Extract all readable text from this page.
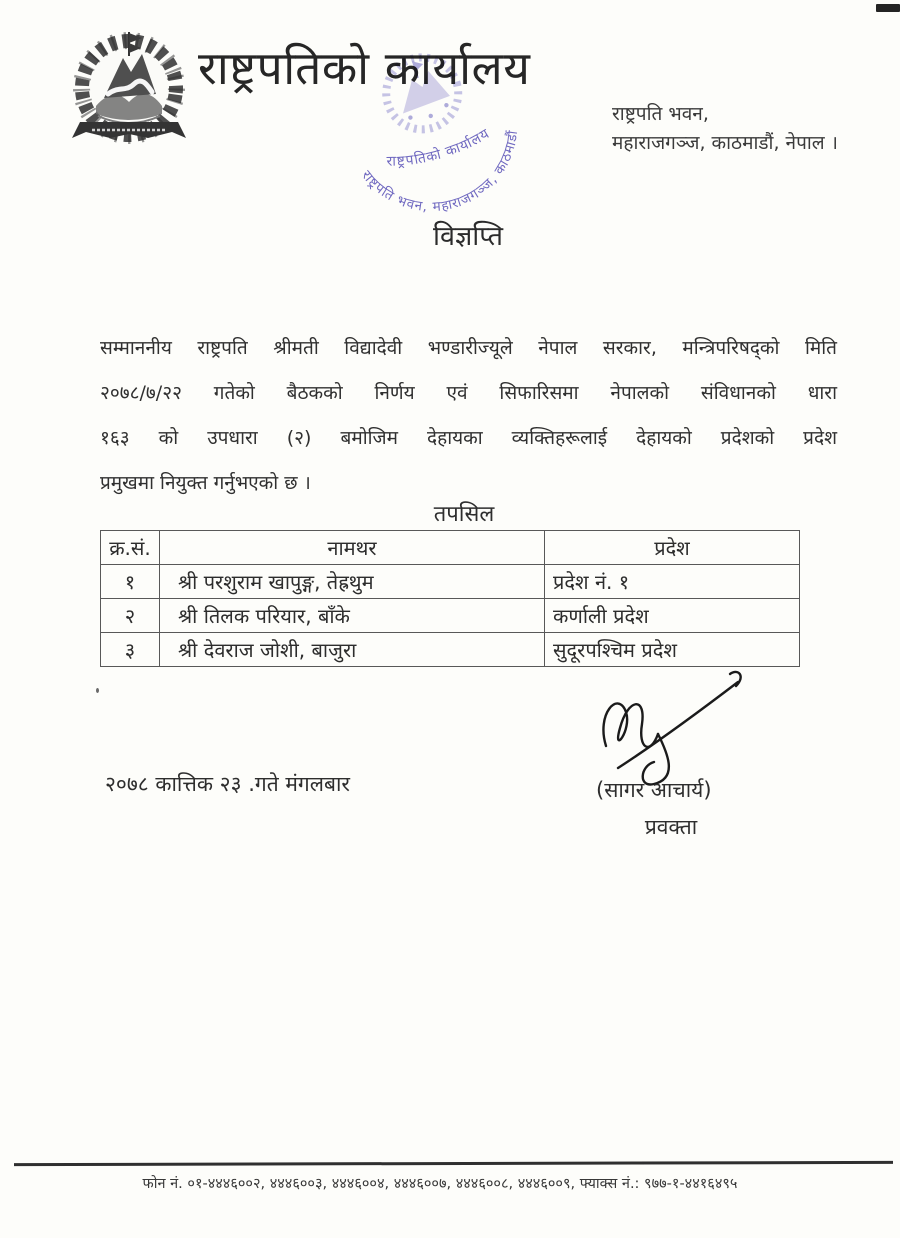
राष्ट्रपतिको कार्यालय
राष्ट्रपतिको कार्यालय
राष्ट्रपति भवन, महाराजगञ्ज, काठमाडौं
राष्ट्रपति भवन,
महाराजगञ्ज, काठमाडौं, नेपाल ।
विज्ञप्ति
सम्माननीय राष्ट्रपति श्रीमती विद्यादेवी भण्डारीज्यूले नेपाल सरकार, मन्त्रिपरिषद्को मिति
२०७८/७/२२ गतेको बैठकको निर्णय एवं सिफारिसमा नेपालको संविधानको धारा
१६३ को उपधारा (२) बमोजिम देहायका व्यक्तिहरूलाई देहायको प्रदेशको प्रदेश
प्रमुखमा नियुक्त गर्नुभएको छ ।
तपसिल
क्र.सं.	नामथर	प्रदेश
१	श्री परशुराम खापुङ्ग, तेह्रथुम	प्रदेश नं. १
२	श्री तिलक परियार, बाँके	कर्णाली प्रदेश
३	श्री देवराज जोशी, बाजुरा	सुदूरपश्चिम प्रदेश
२०७८ कात्तिक २३ .गते मंगलबार	(सागर आचार्य)
प्रवक्ता
फोन नं. ०१-४४४६००२, ४४४६००३, ४४४६००४, ४४४६००७, ४४४६००८, ४४४६००९, फ्याक्स नं.: ९७७-१-४४१६४९५
